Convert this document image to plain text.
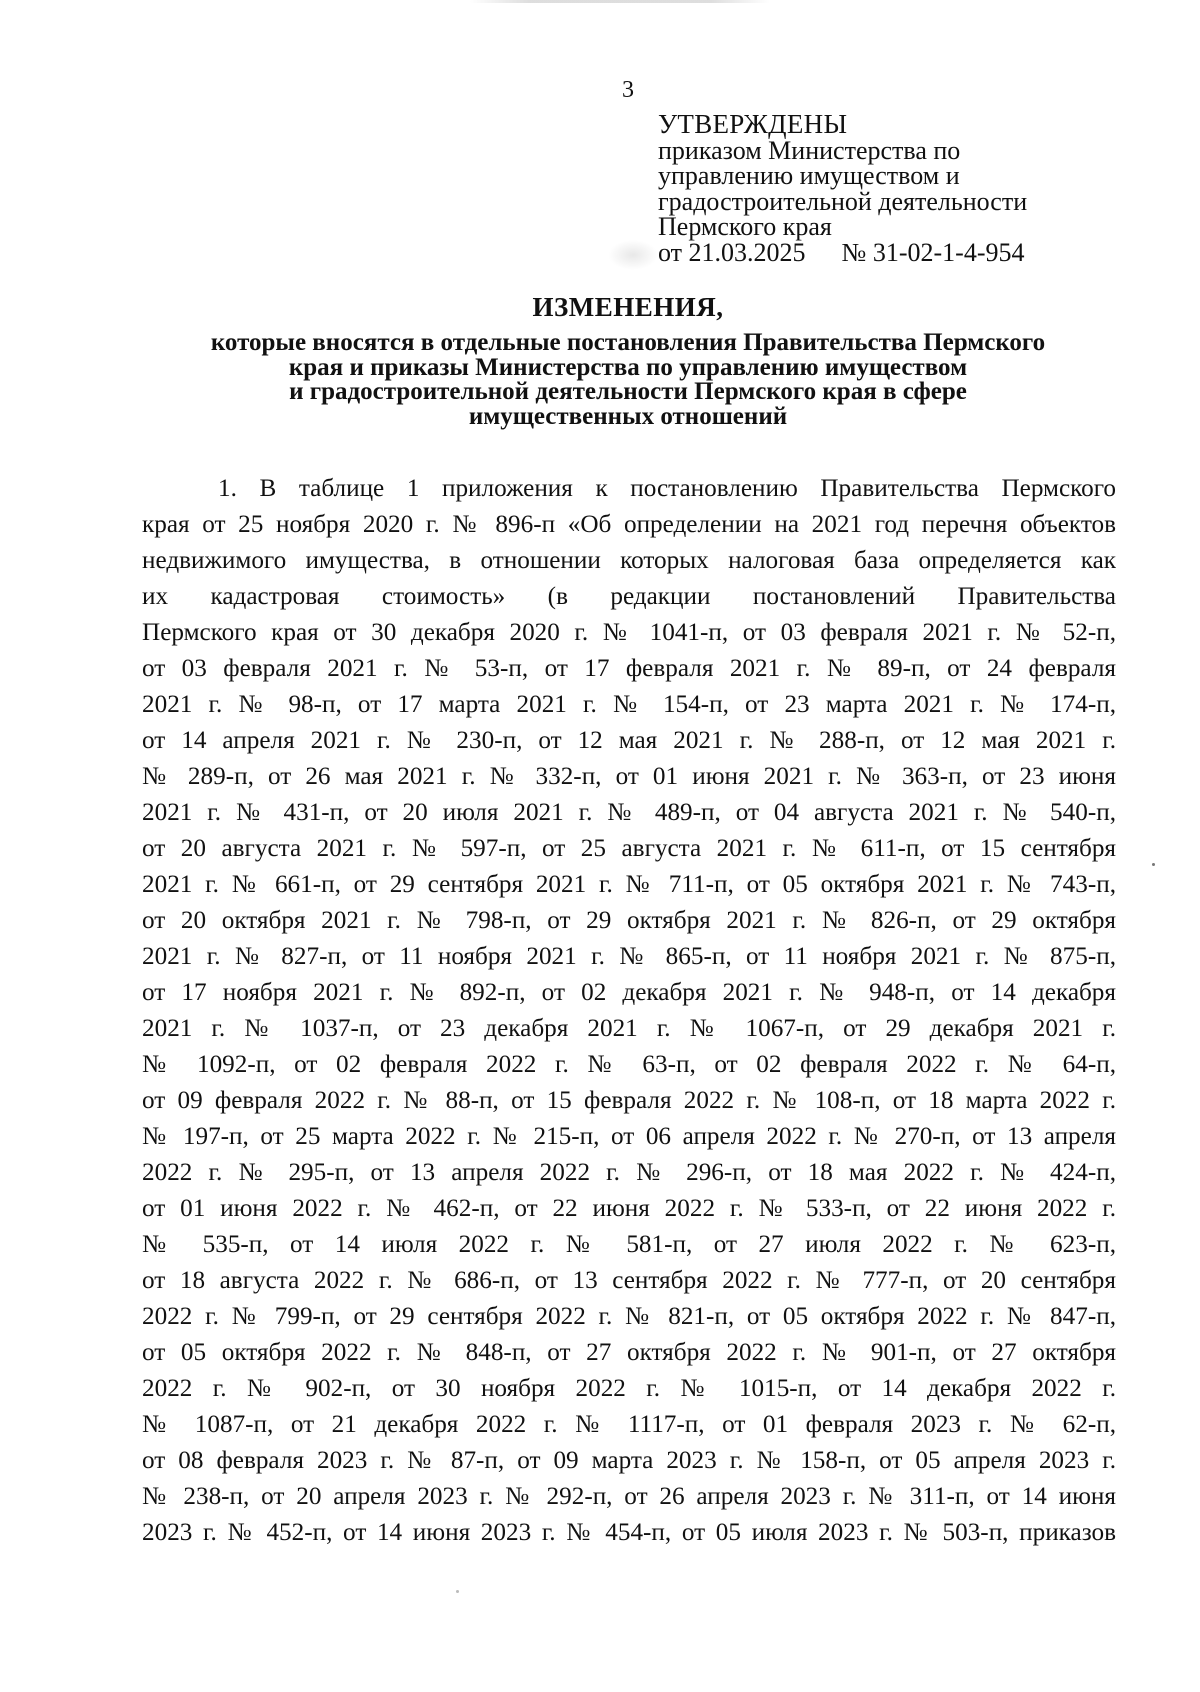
3
УТВЕРЖДЕНЫ
приказом Министерства по
управлению имуществом и
градостроительной деятельности
Пермского края
от 21.03.2025 № 31-02-1-4-954
ИЗМЕНЕНИЯ,
которые вносятся в отдельные постановления Правительства Пермского
края и приказы Министерства по управлению имуществом
и градостроительной деятельности Пермского края в сфере
имущественных отношений
1. В таблице 1 приложения к постановлению Правительства Пермского
края от 25 ноября 2020 г. № 896-п «Об определении на 2021 год перечня объектов
недвижимого имущества, в отношении которых налоговая база определяется как
их кадастровая стоимость» (в редакции постановлений Правительства
Пермского края от 30 декабря 2020 г. № 1041-п, от 03 февраля 2021 г. № 52-п,
от 03 февраля 2021 г. № 53-п, от 17 февраля 2021 г. № 89-п, от 24 февраля
2021 г. № 98-п, от 17 марта 2021 г. № 154-п, от 23 марта 2021 г. № 174-п,
от 14 апреля 2021 г. № 230-п, от 12 мая 2021 г. № 288-п, от 12 мая 2021 г.
№ 289-п, от 26 мая 2021 г. № 332-п, от 01 июня 2021 г. № 363-п, от 23 июня
2021 г. № 431-п, от 20 июля 2021 г. № 489-п, от 04 августа 2021 г. № 540-п,
от 20 августа 2021 г. № 597-п, от 25 августа 2021 г. № 611-п, от 15 сентября
2021 г. № 661-п, от 29 сентября 2021 г. № 711-п, от 05 октября 2021 г. № 743-п,
от 20 октября 2021 г. № 798-п, от 29 октября 2021 г. № 826-п, от 29 октября
2021 г. № 827-п, от 11 ноября 2021 г. № 865-п, от 11 ноября 2021 г. № 875-п,
от 17 ноября 2021 г. № 892-п, от 02 декабря 2021 г. № 948-п, от 14 декабря
2021 г. № 1037-п, от 23 декабря 2021 г. № 1067-п, от 29 декабря 2021 г.
№ 1092-п, от 02 февраля 2022 г. № 63-п, от 02 февраля 2022 г. № 64-п,
от 09 февраля 2022 г. № 88-п, от 15 февраля 2022 г. № 108-п, от 18 марта 2022 г.
№ 197-п, от 25 марта 2022 г. № 215-п, от 06 апреля 2022 г. № 270-п, от 13 апреля
2022 г. № 295-п, от 13 апреля 2022 г. № 296-п, от 18 мая 2022 г. № 424-п,
от 01 июня 2022 г. № 462-п, от 22 июня 2022 г. № 533-п, от 22 июня 2022 г.
№ 535-п, от 14 июля 2022 г. № 581-п, от 27 июля 2022 г. № 623-п,
от 18 августа 2022 г. № 686-п, от 13 сентября 2022 г. № 777-п, от 20 сентября
2022 г. № 799-п, от 29 сентября 2022 г. № 821-п, от 05 октября 2022 г. № 847-п,
от 05 октября 2022 г. № 848-п, от 27 октября 2022 г. № 901-п, от 27 октября
2022 г. № 902-п, от 30 ноября 2022 г. № 1015-п, от 14 декабря 2022 г.
№ 1087-п, от 21 декабря 2022 г. № 1117-п, от 01 февраля 2023 г. № 62-п,
от 08 февраля 2023 г. № 87-п, от 09 марта 2023 г. № 158-п, от 05 апреля 2023 г.
№ 238-п, от 20 апреля 2023 г. № 292-п, от 26 апреля 2023 г. № 311-п, от 14 июня
2023 г. № 452-п, от 14 июня 2023 г. № 454-п, от 05 июля 2023 г. № 503-п, приказов
